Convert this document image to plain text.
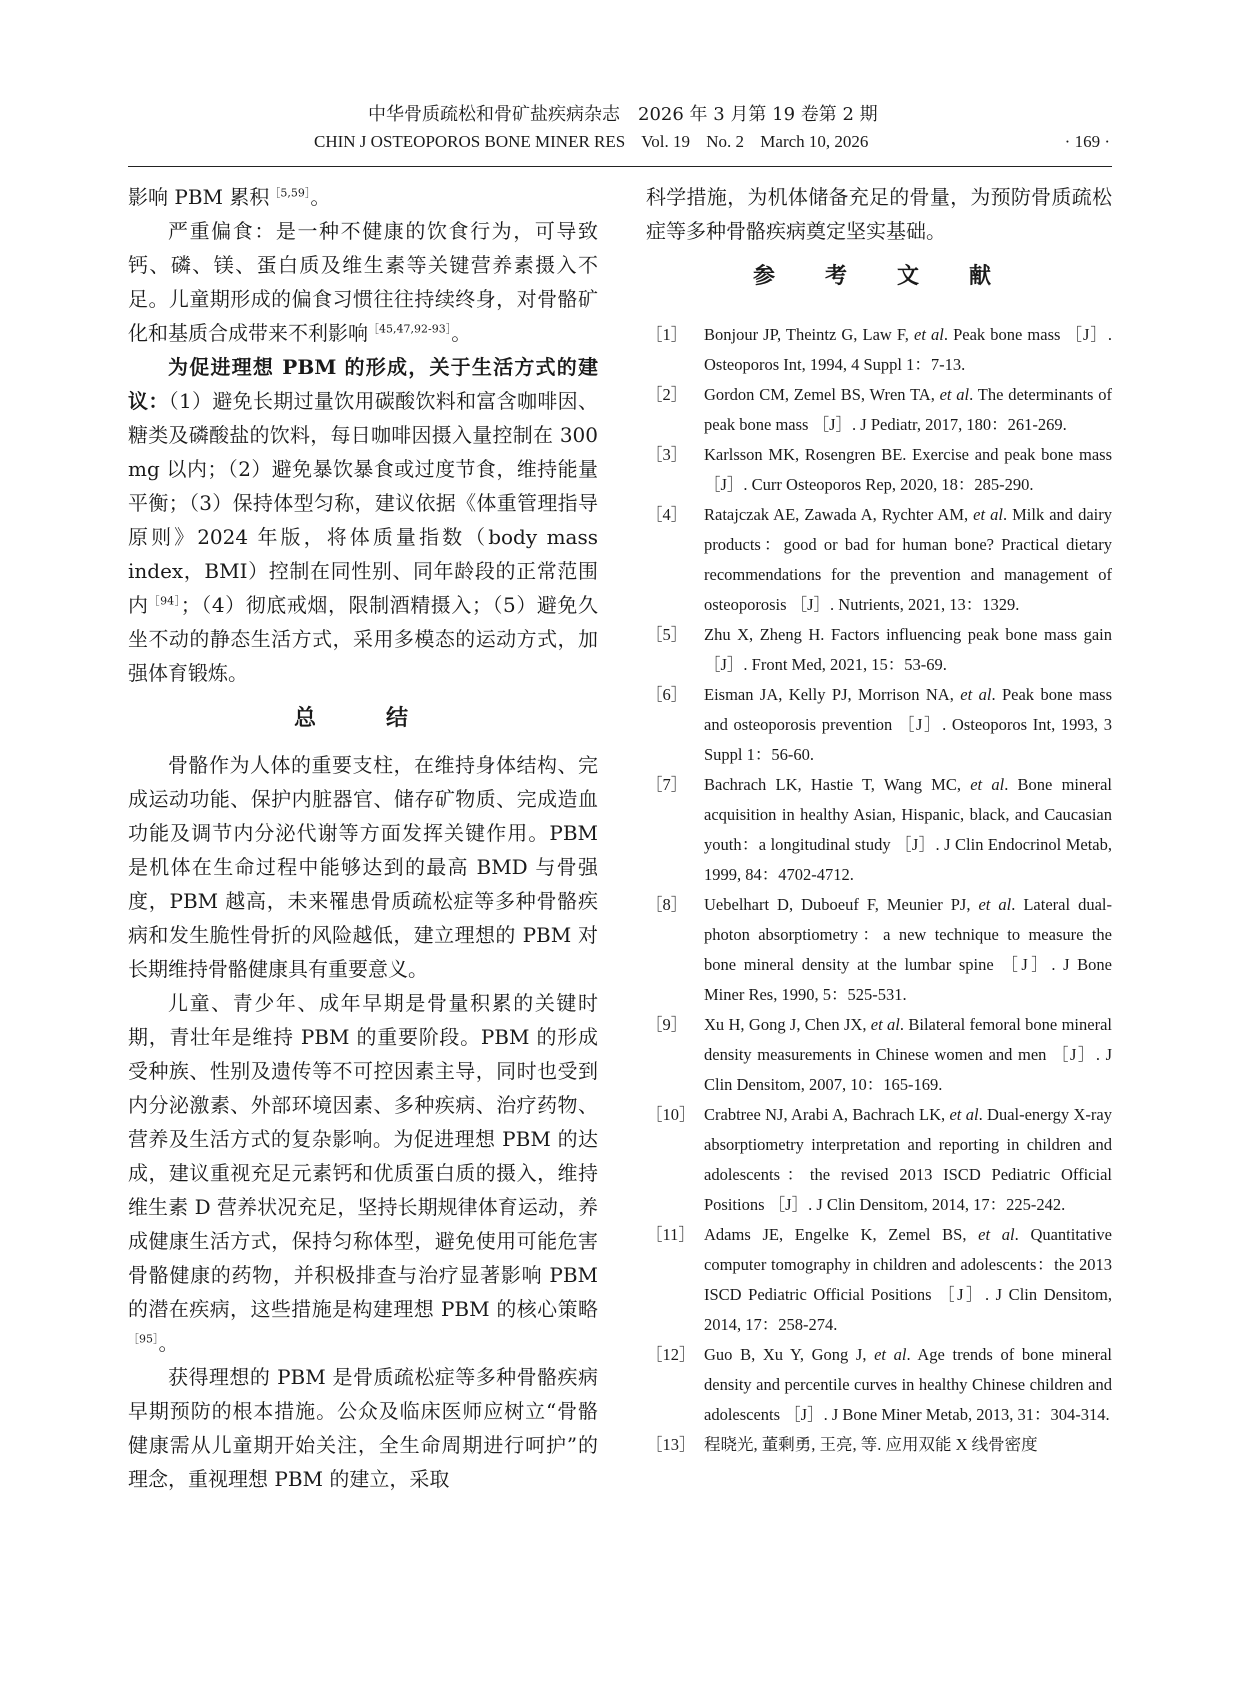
中华骨质疏松和骨矿盐疾病杂志　2026 年 3 月第 19 卷第 2 期
CHIN J OSTEOPOROS BONE MINER RES Vol. 19 No. 2 March 10, 2026	· 169 ·

影响 PBM 累积$^{[5,59]}$。

严重偏食：是一种不健康的饮食行为，可导致钙、磷、镁、蛋白质及维生素等关键营养素摄入不足。儿童期形成的偏食习惯往往持续终身，对骨骼矿化和基质合成带来不利影响$^{[45,47,92-93]}$。

为促进理想 PBM 的形成，关于生活方式的建议：（1）避免长期过量饮用碳酸饮料和富含咖啡因、糖类及磷酸盐的饮料，每日咖啡因摄入量控制在 300 mg 以内；（2）避免暴饮暴食或过度节食，维持能量平衡；（3）保持体型匀称，建议依据《体重管理指导原则》2024 年版，将体质量指数（body mass index，BMI）控制在同性别、同年龄段的正常范围内$^{[94]}$；（4）彻底戒烟，限制酒精摄入；（5）避免久坐不动的静态生活方式，采用多模态的运动方式，加强体育锻炼。

总　结

骨骼作为人体的重要支柱，在维持身体结构、完成运动功能、保护内脏器官、储存矿物质、完成造血功能及调节内分泌代谢等方面发挥关键作用。PBM 是机体在生命过程中能够达到的最高 BMD 与骨强度，PBM 越高，未来罹患骨质疏松症等多种骨骼疾病和发生脆性骨折的风险越低，建立理想的 PBM 对长期维持骨骼健康具有重要意义。

儿童、青少年、成年早期是骨量积累的关键时期，青壮年是维持 PBM 的重要阶段。PBM 的形成受种族、性别及遗传等不可控因素主导，同时也受到内分泌激素、外部环境因素、多种疾病、治疗药物、营养及生活方式的复杂影响。为促进理想 PBM 的达成，建议重视充足元素钙和优质蛋白质的摄入，维持维生素 D 营养状况充足，坚持长期规律体育运动，养成健康生活方式，保持匀称体型，避免使用可能危害骨骼健康的药物，并积极排查与治疗显著影响 PBM 的潜在疾病，这些措施是构建理想 PBM 的核心策略$^{[95]}$。

获得理想的 PBM 是骨质疏松症等多种骨骼疾病早期预防的根本措施。公众及临床医师应树立“骨骼健康需从儿童期开始关注，全生命周期进行呵护”的理念，重视理想 PBM 的建立，采取

科学措施，为机体储备充足的骨量，为预防骨质疏松症等多种骨骼疾病奠定坚实基础。

参　考　文　献
［1］	Bonjour JP, Theintz G, Law F, et al. Peak bone mass ［J］. Osteoporos Int, 1994, 4 Suppl 1：7-13.
［2］	Gordon CM, Zemel BS, Wren TA, et al. The determinants of peak bone mass ［J］. J Pediatr, 2017, 180：261-269.
［3］	Karlsson MK, Rosengren BE. Exercise and peak bone mass ［J］. Curr Osteoporos Rep, 2020, 18：285-290.
［4］	Ratajczak AE, Zawada A, Rychter AM, et al. Milk and dairy products：good or bad for human bone? Practical dietary recommendations for the prevention and management of osteoporosis ［J］. Nutrients, 2021, 13：1329.
［5］	Zhu X, Zheng H. Factors influencing peak bone mass gain ［J］. Front Med, 2021, 15：53-69.
［6］	Eisman JA, Kelly PJ, Morrison NA, et al. Peak bone mass and osteoporosis prevention ［J］. Osteoporos Int, 1993, 3 Suppl 1：56-60.
［7］	Bachrach LK, Hastie T, Wang MC, et al. Bone mineral acquisition in healthy Asian, Hispanic, black, and Caucasian youth：a longitudinal study ［J］. J Clin Endocrinol Metab, 1999, 84：4702-4712.
［8］	Uebelhart D, Duboeuf F, Meunier PJ, et al. Lateral dual-photon absorptiometry：a new technique to measure the bone mineral density at the lumbar spine ［J］. J Bone Miner Res, 1990, 5：525-531.
［9］	Xu H, Gong J, Chen JX, et al. Bilateral femoral bone mineral density measurements in Chinese women and men ［J］. J Clin Densitom, 2007, 10：165-169.
［10］ Crabtree NJ, Arabi A, Bachrach LK, et al. Dual-energy X-ray absorptiometry interpretation and reporting in children and adolescents：the revised 2013 ISCD Pediatric Official Positions ［J］. J Clin Densitom, 2014, 17：225-242.
［11］ Adams JE, Engelke K, Zemel BS, et al. Quantitative computer tomography in children and adolescents：the 2013 ISCD Pediatric Official Positions ［J］. J Clin Densitom, 2014, 17：258-274.
［12］ Guo B, Xu Y, Gong J, et al. Age trends of bone mineral density and percentile curves in healthy Chinese children and adolescents ［J］. J Bone Miner Metab, 2013, 31：304-314.
［13］ 程晓光, 董剩勇, 王亮, 等. 应用双能 X 线骨密度
